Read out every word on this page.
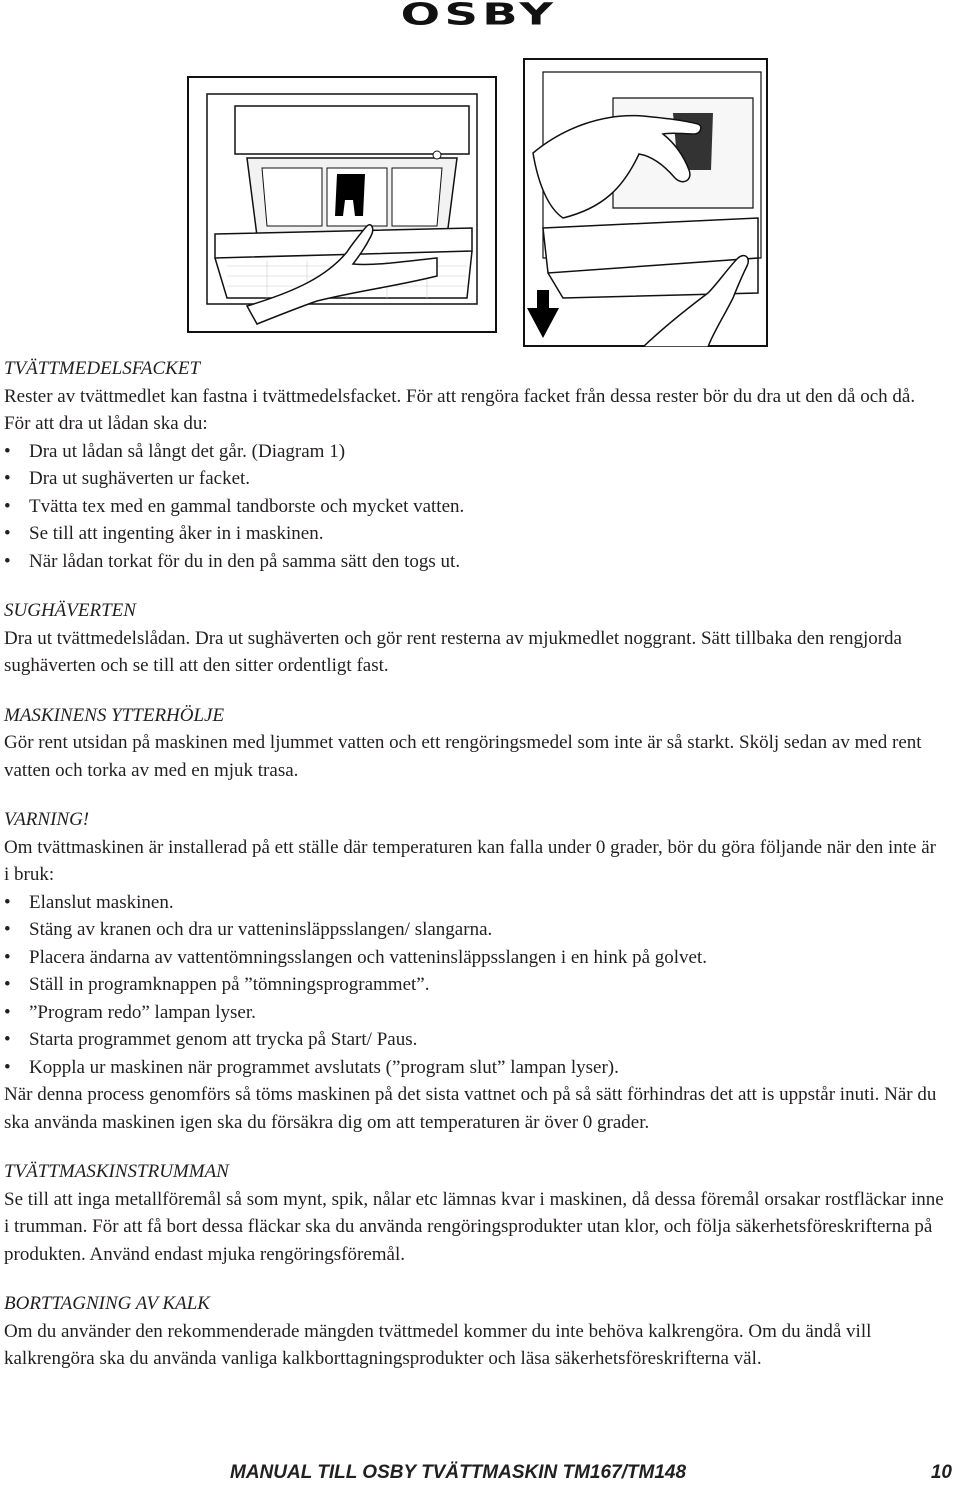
OSBY
TVÄTTMEDELSFACKET
Rester av tvättmedlet kan fastna i tvättmedelsfacket. För att rengöra facket från dessa rester bör du dra ut den då och då. För att dra ut lådan ska du:
• Dra ut lådan så långt det går. (Diagram 1)
• Dra ut sughäverten ur facket.
• Tvätta tex med en gammal tandborste och mycket vatten.
• Se till att ingenting åker in i maskinen.
• När lådan torkat för du in den på samma sätt den togs ut.
SUGHÄVERTEN
Dra ut tvättmedelslådan. Dra ut sughäverten och gör rent resterna av mjukmedlet noggrant. Sätt tillbaka den rengjorda sughäverten och se till att den sitter ordentligt fast.
MASKINENS YTTERHÖLJE
Gör rent utsidan på maskinen med ljummet vatten och ett rengöringsmedel som inte är så starkt. Skölj sedan av med rent vatten och torka av med en mjuk trasa.
VARNING!
Om tvättmaskinen är installerad på ett ställe där temperaturen kan falla under 0 grader, bör du göra följande när den inte är i bruk:
• Elanslut maskinen.
• Stäng av kranen och dra ur vatteninsläppsslangen/ slangarna.
• Placera ändarna av vattentömningsslangen och vatteninsläppsslangen i en hink på golvet.
• Ställ in programknappen på ”tömningsprogrammet”.
• ”Program redo” lampan lyser.
• Starta programmet genom att trycka på Start/ Paus.
• Koppla ur maskinen när programmet avslutats (”program slut” lampan lyser).
När denna process genomförs så töms maskinen på det sista vattnet och på så sätt förhindras det att is uppstår inuti. När du ska använda maskinen igen ska du försäkra dig om att temperaturen är över 0 grader.
TVÄTTMASKINSTRUMMAN
Se till att inga metallföremål så som mynt, spik, nålar etc lämnas kvar i maskinen, då dessa föremål orsakar rostfläckar inne i trumman. För att få bort dessa fläckar ska du använda rengöringsprodukter utan klor, och följa säkerhetsföreskrifterna på produkten. Använd endast mjuka rengöringsföremål.
BORTTAGNING AV KALK
Om du använder den rekommenderade mängden tvättmedel kommer du inte behöva kalkrengöra. Om du ändå vill kalkrengöra ska du använda vanliga kalkborttagningsprodukter och läsa säkerhetsföreskrifterna väl.
MANUAL TILL OSBY TVÄTTMASKIN TM167/TM148	10
